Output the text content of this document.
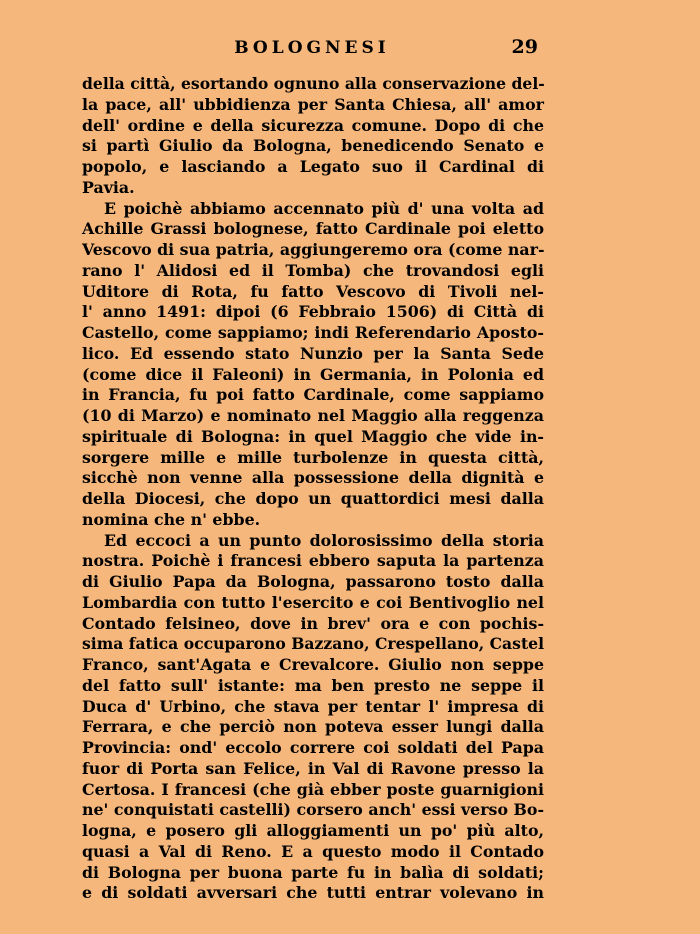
BOLOGNESI	29
della città, esortando ognuno alla conservazione del-
la pace, all' ubbidienza per Santa Chiesa, all' amor
dell' ordine e della sicurezza comune. Dopo di che
si partì Giulio da Bologna, benedicendo Senato e
popolo, e lasciando a Legato suo il Cardinal di
Pavia.
E poichè abbiamo accennato più d' una volta ad
Achille Grassi bolognese, fatto Cardinale poi eletto
Vescovo di sua patria, aggiungeremo ora (come nar-
rano l' Alidosi ed il Tomba) che trovandosi egli
Uditore di Rota, fu fatto Vescovo di Tivoli nel-
l' anno 1491: dipoi (6 Febbraio 1506) di Città di
Castello, come sappiamo; indi Referendario Aposto-
lico. Ed essendo stato Nunzio per la Santa Sede
(come dice il Faleoni) in Germania, in Polonia ed
in Francia, fu poi fatto Cardinale, come sappiamo
(10 di Marzo) e nominato nel Maggio alla reggenza
spirituale di Bologna: in quel Maggio che vide in-
sorgere mille e mille turbolenze in questa città,
sicchè non venne alla possessione della dignità e
della Diocesi, che dopo un quattordici mesi dalla
nomina che n' ebbe.
Ed eccoci a un punto dolorosissimo della storia
nostra. Poichè i francesi ebbero saputa la partenza
di Giulio Papa da Bologna, passarono tosto dalla
Lombardia con tutto l'esercito e coi Bentivoglio nel
Contado felsineo, dove in brev' ora e con pochis-
sima fatica occuparono Bazzano, Crespellano, Castel
Franco, sant'Agata e Crevalcore. Giulio non seppe
del fatto sull' istante: ma ben presto ne seppe il
Duca d' Urbino, che stava per tentar l' impresa di
Ferrara, e che perciò non poteva esser lungi dalla
Provincia: ond' eccolo correre coi soldati del Papa
fuor di Porta san Felice, in Val di Ravone presso la
Certosa. I francesi (che già ebber poste guarnigioni
ne' conquistati castelli) corsero anch' essi verso Bo-
logna, e posero gli alloggiamenti un po' più alto,
quasi a Val di Reno. E a questo modo il Contado
di Bologna per buona parte fu in balìa di soldati;
e di soldati avversari che tutti entrar volevano in
